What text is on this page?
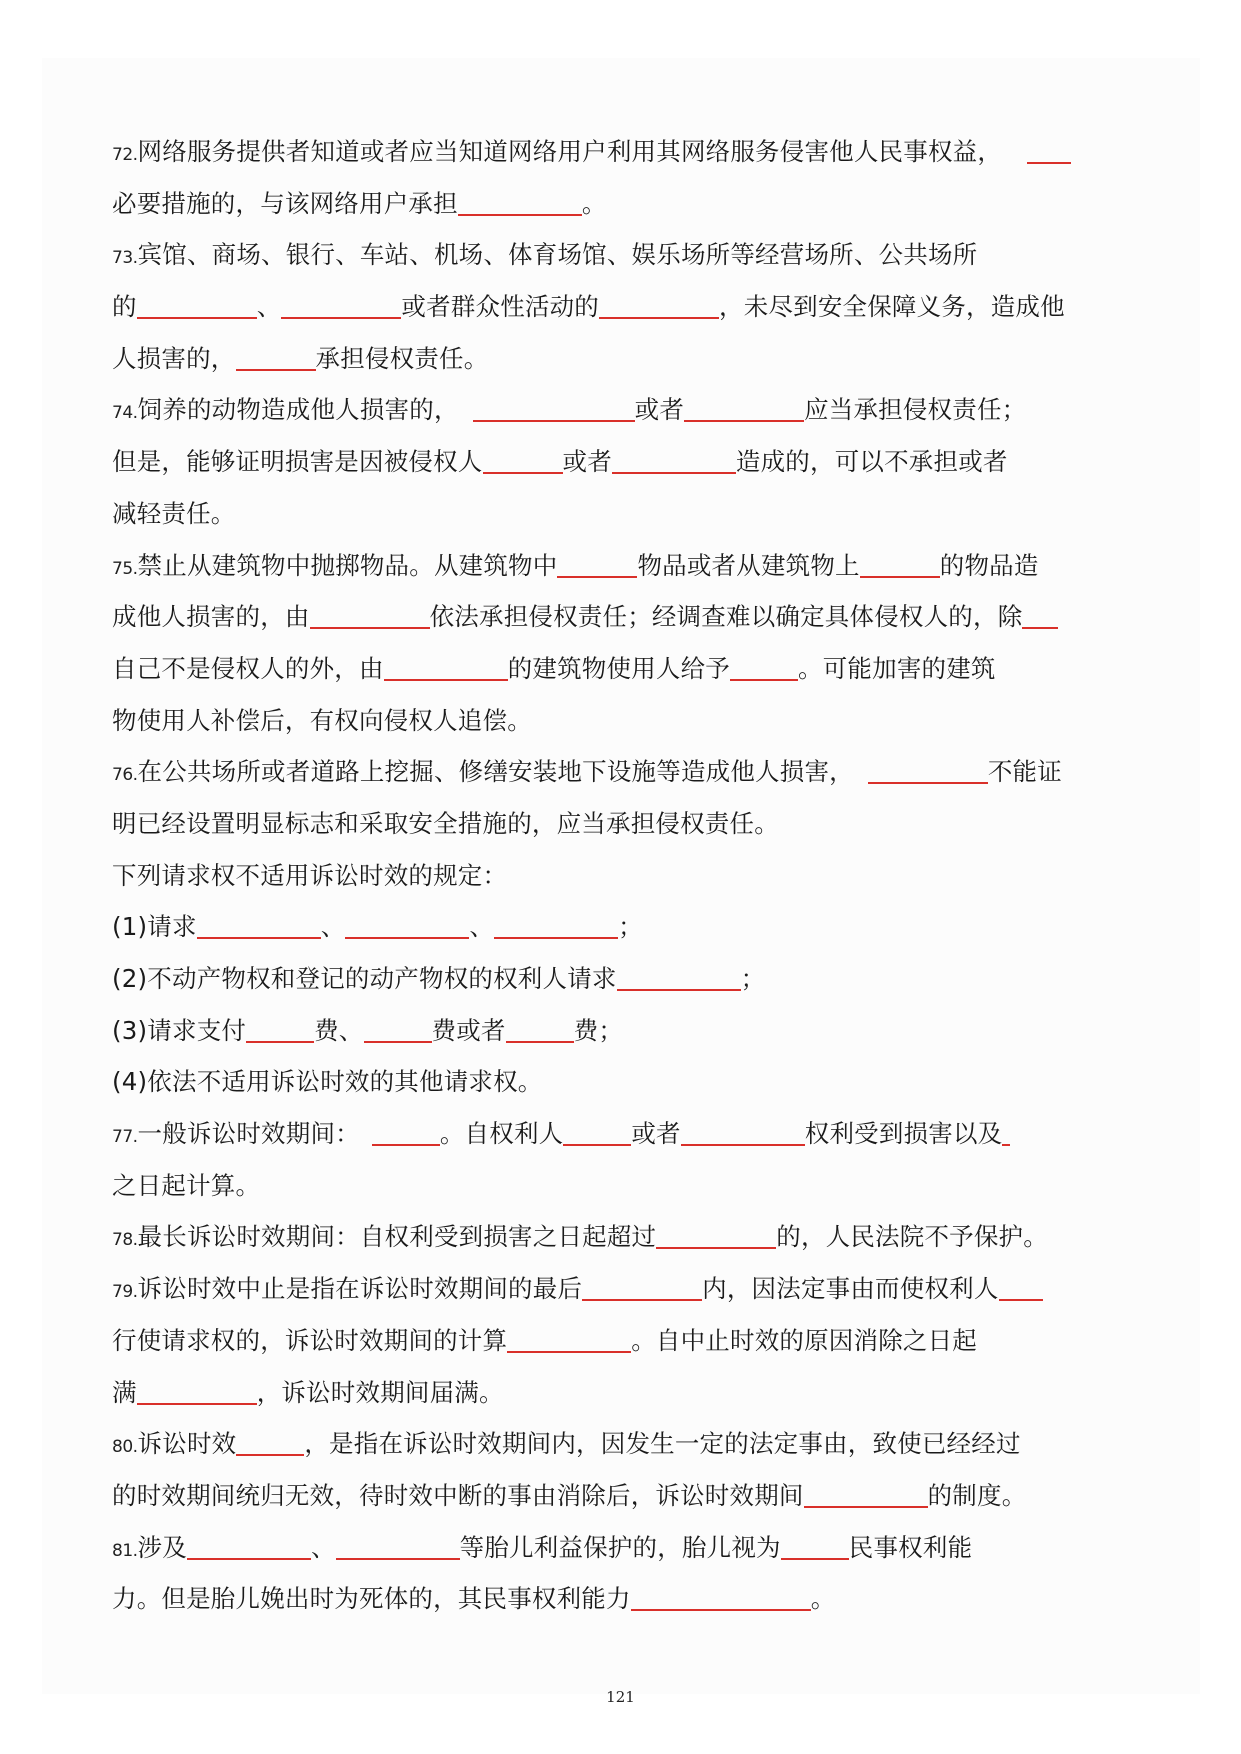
72.网络服务提供者知道或者应当知道网络用户利用其网络服务侵害他人民事权益， 
必要措施的，与该网络用户承担	。
73.宾馆、商场、银行、车站、机场、体育场馆、娱乐场所等经营场所、公共场所
的	、	或者群众性活动的	，未尽到安全保障义务，造成他
人损害的，	承担侵权责任。
74.饲养的动物造成他人损害的，	或者	应当承担侵权责任；
但是，能够证明损害是因被侵权人	或者	造成的，可以不承担或者
减轻责任。
75.禁止从建筑物中抛掷物品。从建筑物中	物品或者从建筑物上	的物品造
成他人损害的，由	依法承担侵权责任；经调查难以确定具体侵权人的，除
自己不是侵权人的外，由	的建筑物使用人给予	。可能加害的建筑
物使用人补偿后，有权向侵权人追偿。
76.在公共场所或者道路上挖掘、修缮安装地下设施等造成他人损害，	不能证
明已经设置明显标志和采取安全措施的，应当承担侵权责任。
下列请求权不适用诉讼时效的规定：
(1)请求	、	、	；
(2)不动产物权和登记的动产物权的权利人请求	；
(3)请求支付	费、	费或者	费；
(4)依法不适用诉讼时效的其他请求权。
77.一般诉讼时效期间：	。自权利人	或者	权利受到损害以及
之日起计算。
78.最长诉讼时效期间：自权利受到损害之日起超过	的，人民法院不予保护。
79.诉讼时效中止是指在诉讼时效期间的最后	内，因法定事由而使权利人
行使请求权的，诉讼时效期间的计算	。自中止时效的原因消除之日起
满	，诉讼时效期间届满。
80.诉讼时效	，是指在诉讼时效期间内，因发生一定的法定事由，致使已经经过
的时效期间统归无效，待时效中断的事由消除后，诉讼时效期间	的制度。
81.涉及	、	等胎儿利益保护的，胎儿视为	民事权利能
力。但是胎儿娩出时为死体的，其民事权利能力	。
121
